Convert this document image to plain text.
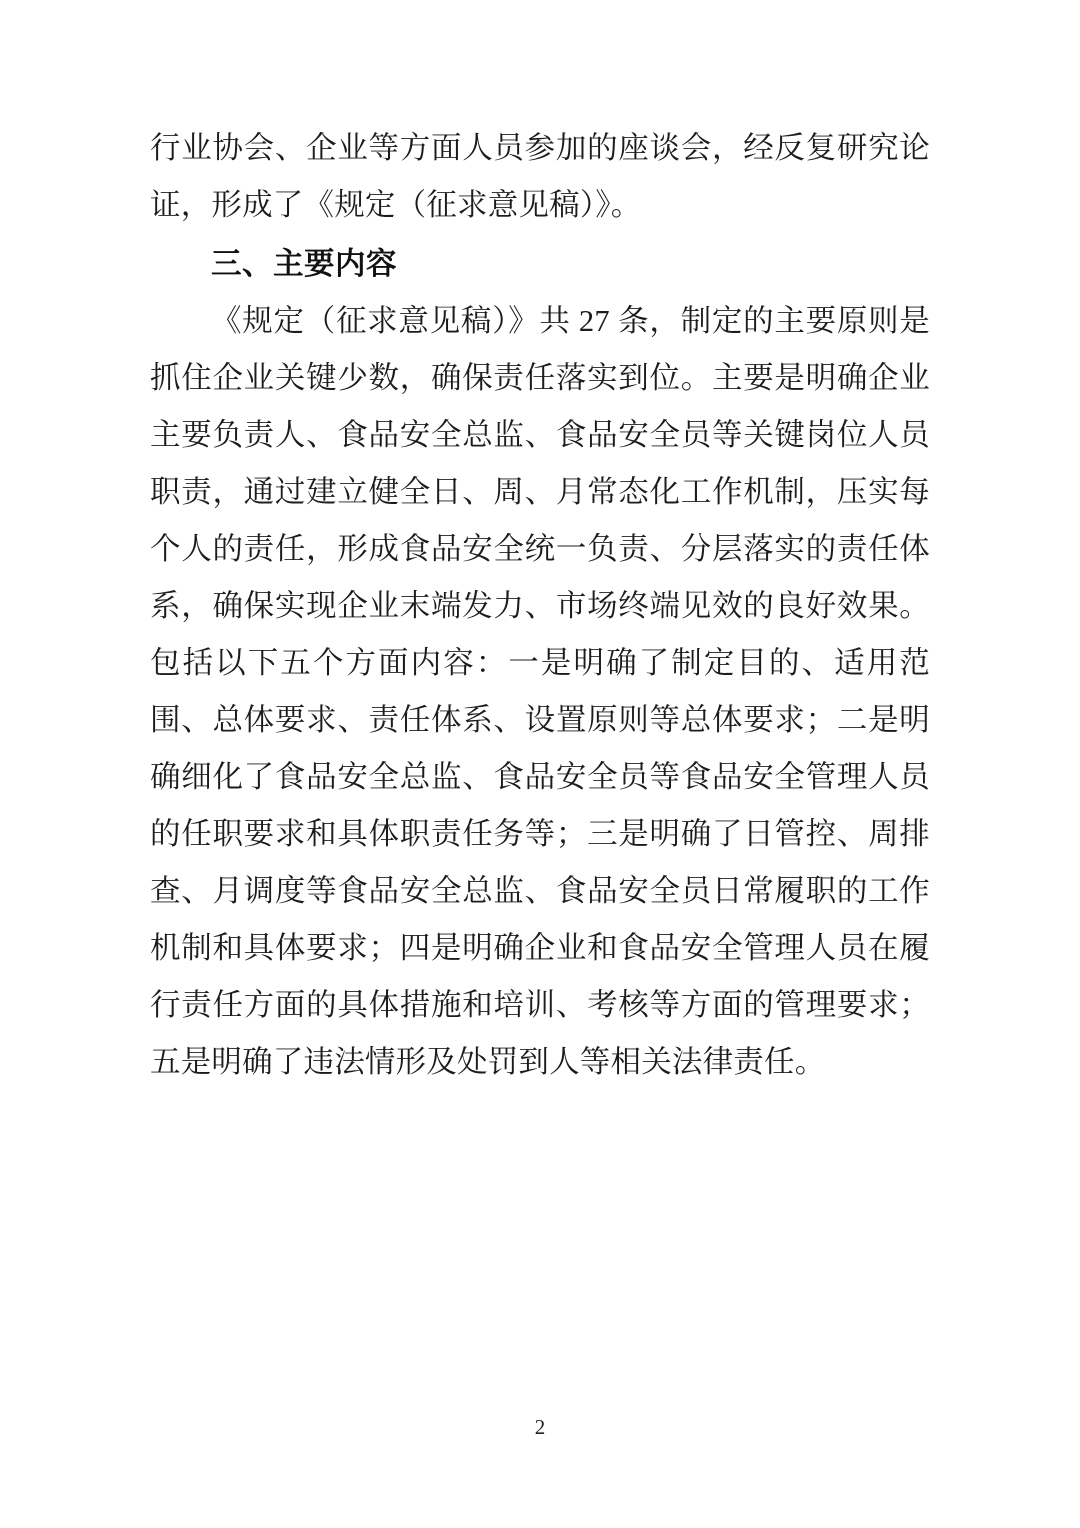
行业协会、企业等方面人员参加的座谈会，经反复研究论证，形成了《规定（征求意见稿）》。

三、主要内容

《规定（征求意见稿）》共 27 条，制定的主要原则是抓住企业关键少数，确保责任落实到位。主要是明确企业主要负责人、食品安全总监、食品安全员等关键岗位人员职责，通过建立健全日、周、月常态化工作机制，压实每个人的责任，形成食品安全统一负责、分层落实的责任体系，确保实现企业末端发力、市场终端见效的良好效果。包括以下五个方面内容：一是明确了制定目的、适用范围、总体要求、责任体系、设置原则等总体要求；二是明确细化了食品安全总监、食品安全员等食品安全管理人员的任职要求和具体职责任务等；三是明确了日管控、周排查、月调度等食品安全总监、食品安全员日常履职的工作机制和具体要求；四是明确企业和食品安全管理人员在履行责任方面的具体措施和培训、考核等方面的管理要求；五是明确了违法情形及处罚到人等相关法律责任。

2
